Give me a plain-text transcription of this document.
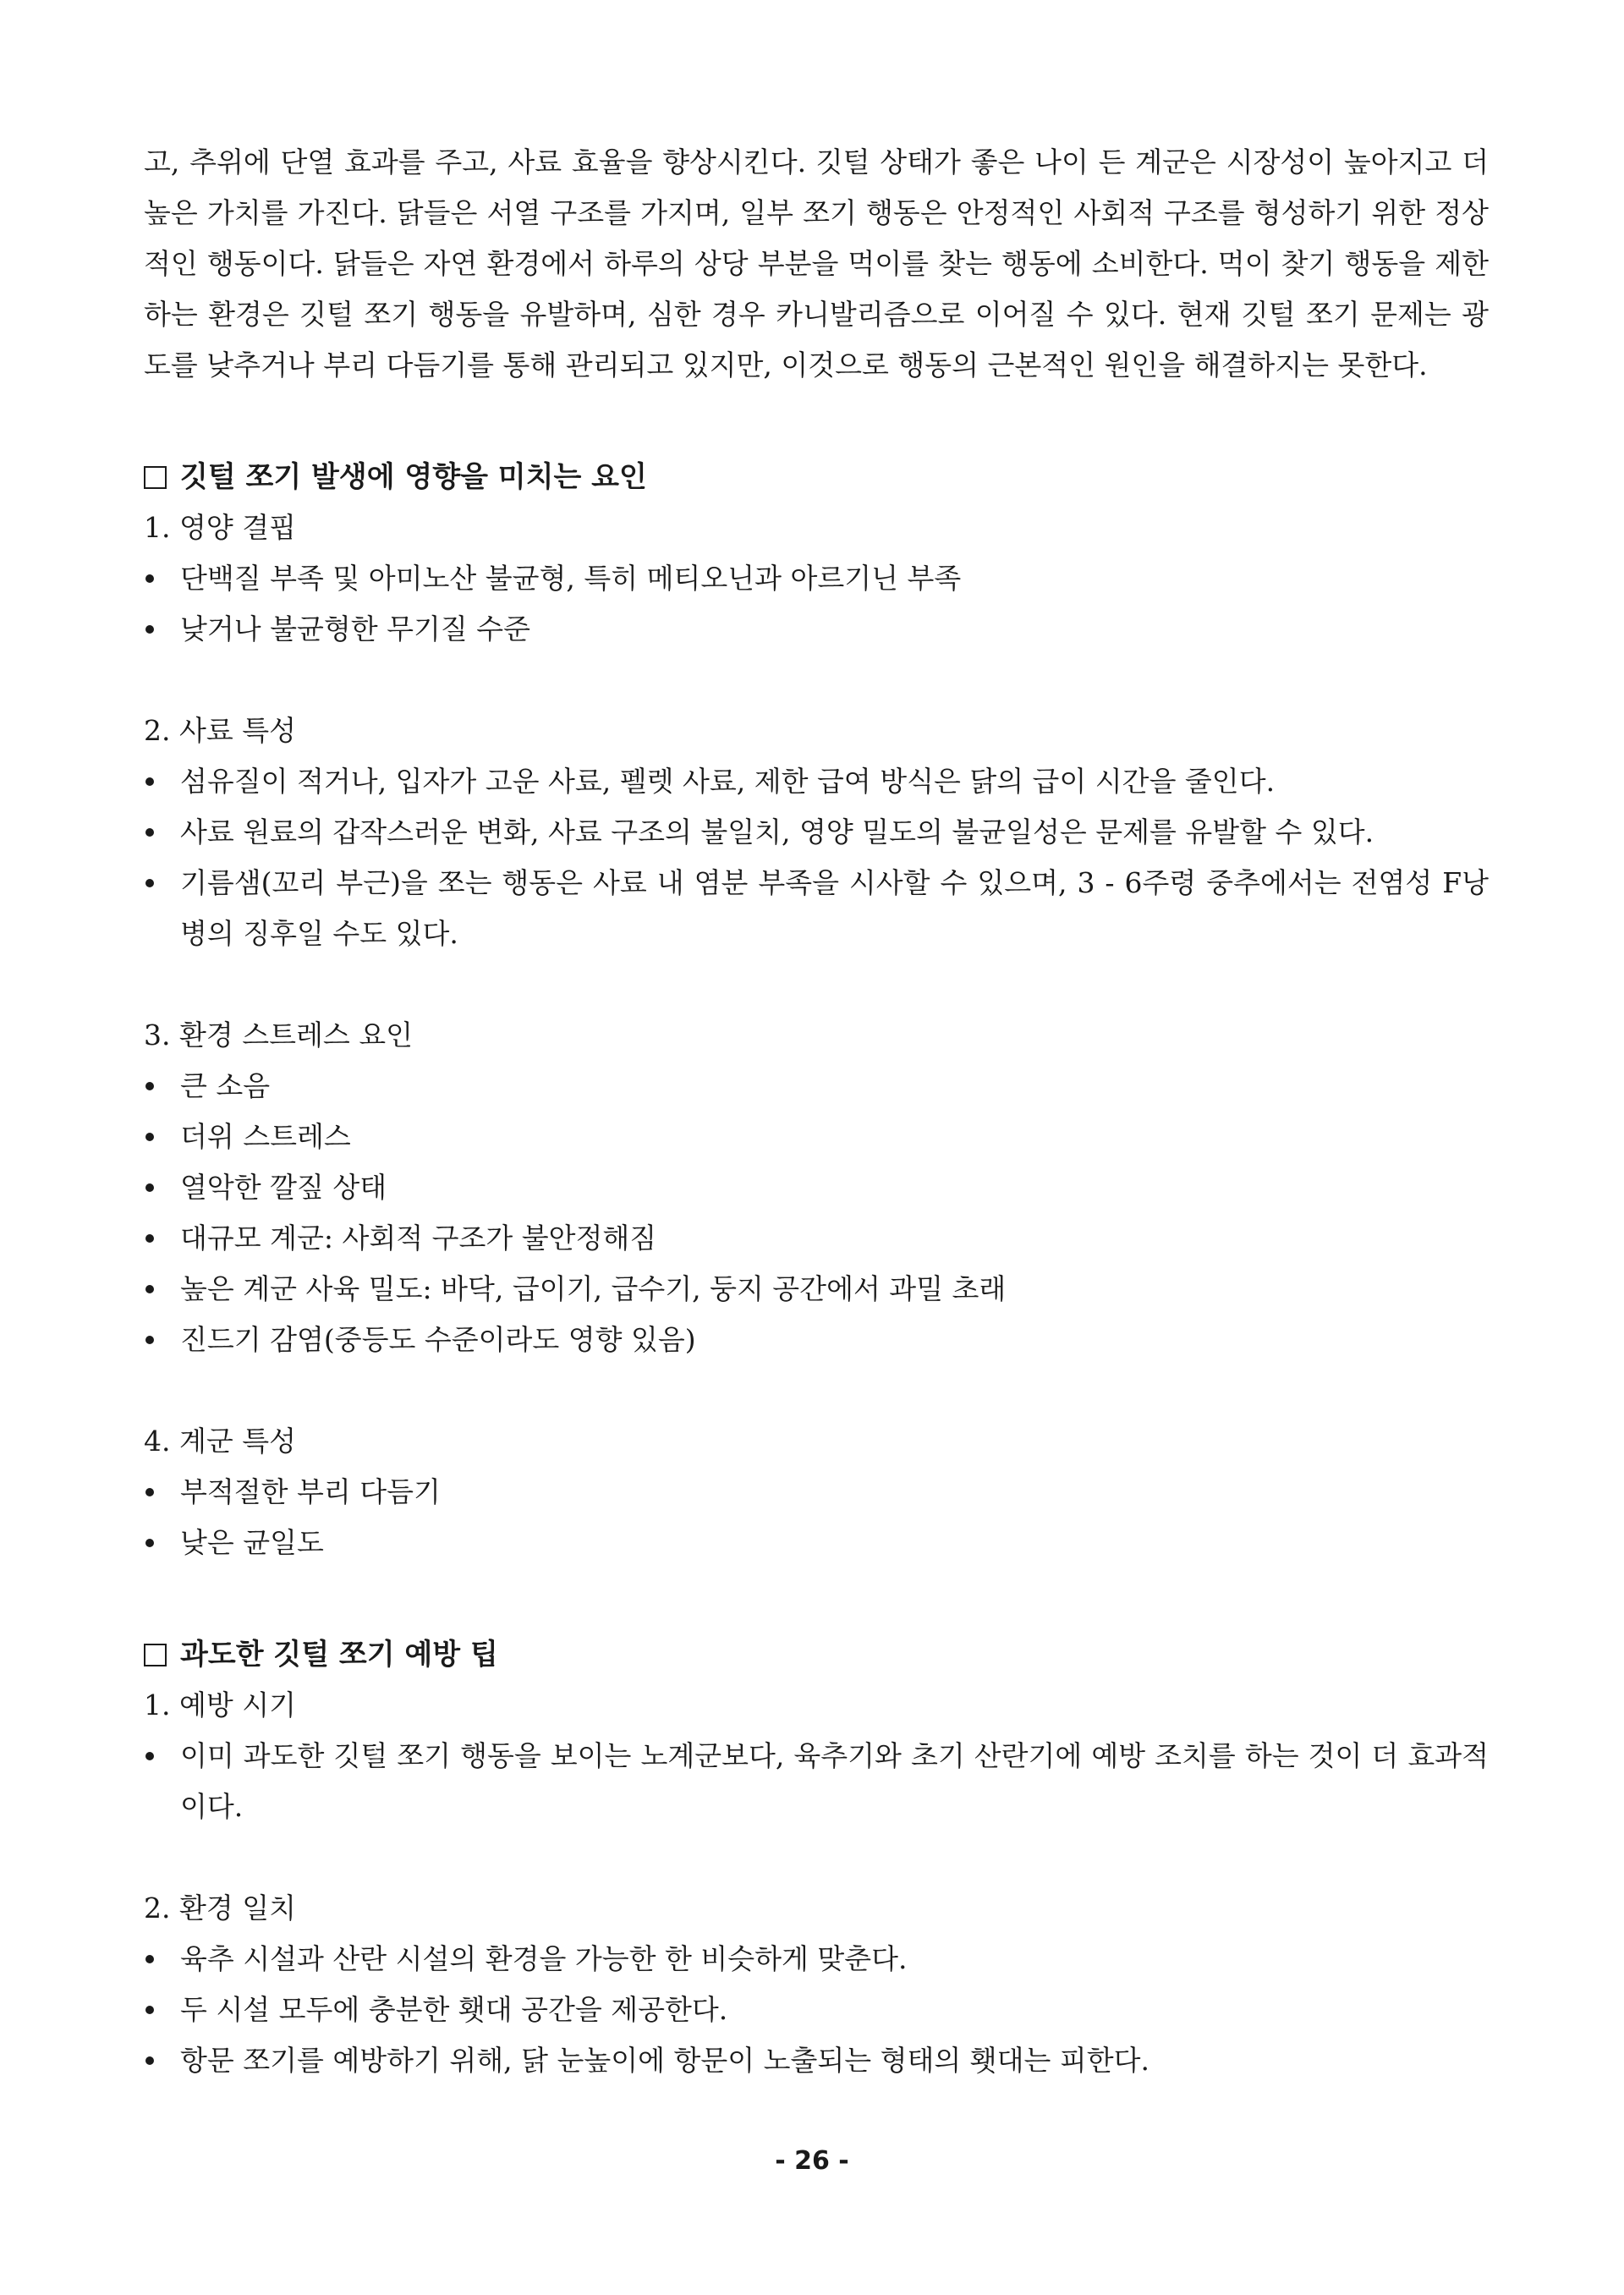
고, 추위에 단열 효과를 주고, 사료 효율을 향상시킨다. 깃털 상태가 좋은 나이 든 계군은 시장성이 높아지고 더 높은 가치를 가진다. 닭들은 서열 구조를 가지며, 일부 쪼기 행동은 안정적인 사회적 구조를 형성하기 위한 정상적인 행동이다. 닭들은 자연 환경에서 하루의 상당 부분을 먹이를 찾는 행동에 소비한다. 먹이 찾기 행동을 제한하는 환경은 깃털 쪼기 행동을 유발하며, 심한 경우 카니발리즘으로 이어질 수 있다. 현재 깃털 쪼기 문제는 광도를 낮추거나 부리 다듬기를 통해 관리되고 있지만, 이것으로 행동의 근본적인 원인을 해결하지는 못한다.

깃털 쪼기 발생에 영향을 미치는 요인

1. 영양 결핍

단백질 부족 및 아미노산 불균형, 특히 메티오닌과 아르기닌 부족
낮거나 불균형한 무기질 수준

2. 사료 특성

섬유질이 적거나, 입자가 고운 사료, 펠렛 사료, 제한 급여 방식은 닭의 급이 시간을 줄인다.
사료 원료의 갑작스러운 변화, 사료 구조의 불일치, 영양 밀도의 불균일성은 문제를 유발할 수 있다.
기름샘(꼬리 부근)을 쪼는 행동은 사료 내 염분 부족을 시사할 수 있으며, 3 - 6주령 중추에서는 전염성 F낭병의 징후일 수도 있다.

3. 환경 스트레스 요인

큰 소음
더위 스트레스
열악한 깔짚 상태
대규모 계군: 사회적 구조가 불안정해짐
높은 계군 사육 밀도: 바닥, 급이기, 급수기, 둥지 공간에서 과밀 초래
진드기 감염(중등도 수준이라도 영향 있음)

4. 계군 특성

부적절한 부리 다듬기
낮은 균일도
과도한 깃털 쪼기 예방 팁

1. 예방 시기

이미 과도한 깃털 쪼기 행동을 보이는 노계군보다, 육추기와 초기 산란기에 예방 조치를 하는 것이 더 효과적이다.

2. 환경 일치

육추 시설과 산란 시설의 환경을 가능한 한 비슷하게 맞춘다.
두 시설 모두에 충분한 횃대 공간을 제공한다.
항문 쪼기를 예방하기 위해, 닭 눈높이에 항문이 노출되는 형태의 횃대는 피한다.
- 26 -
